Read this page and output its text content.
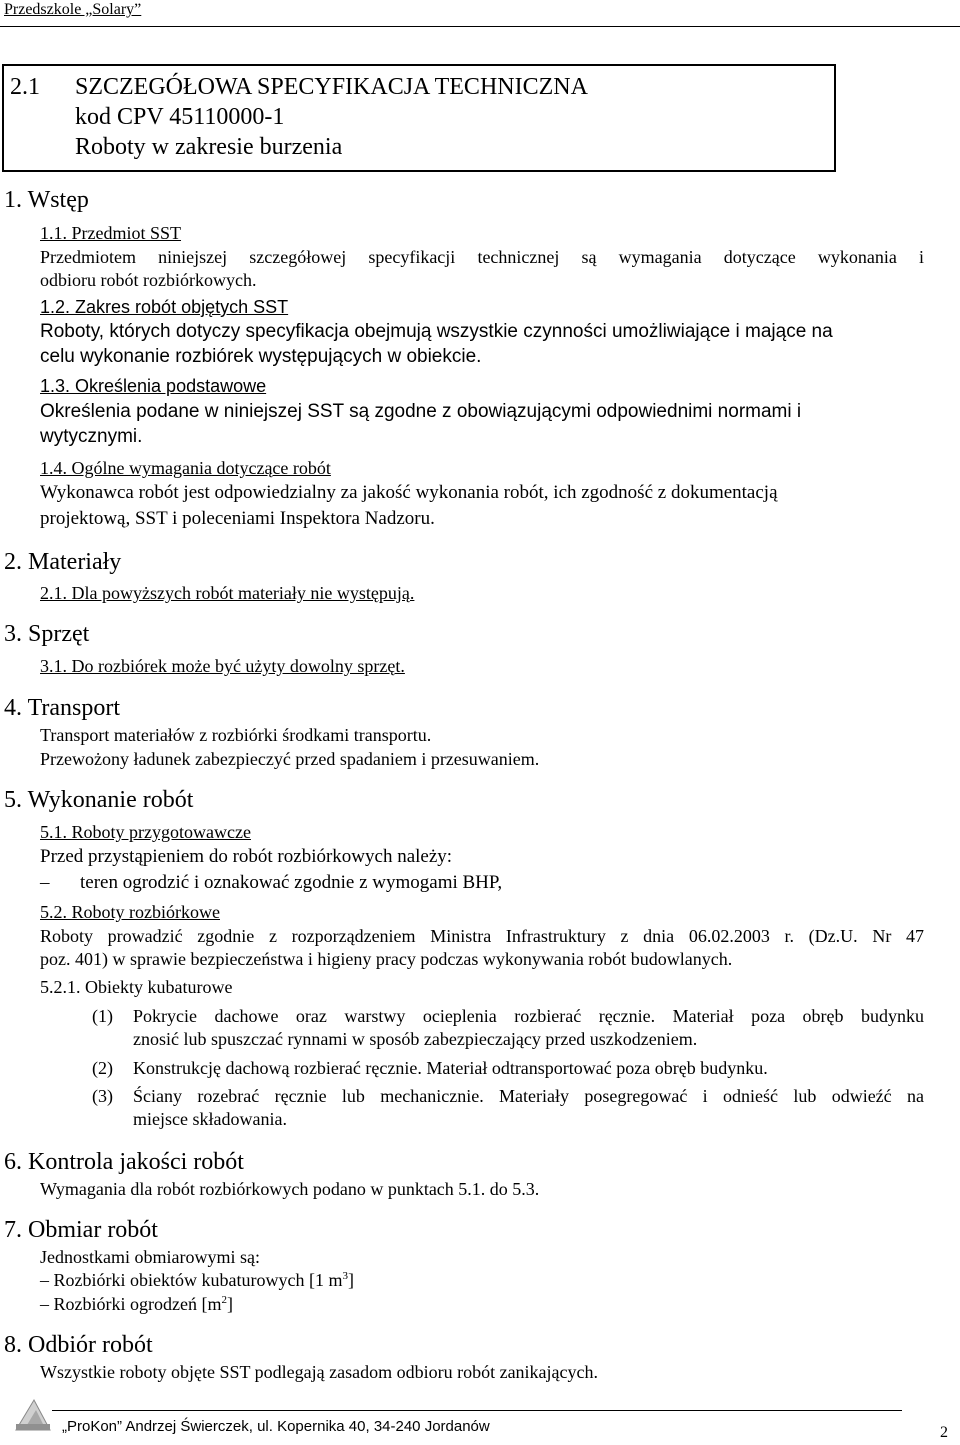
Przedszkole „Solary”
2.1 SZCZEGÓŁOWA SPECYFIKACJA TECHNICZNA
kod CPV 45110000-1
Roboty w zakresie burzenia
1. Wstęp
1.1. Przedmiot SST
Przedmiotem niniejszej szczegółowej specyfikacji technicznej są wymagania dotyczące wykonania i
odbioru robót rozbiórkowych.
1.2. Zakres robót objętych SST
Roboty, których dotyczy specyfikacja obejmują wszystkie czynności umożliwiające i mające na
celu wykonanie rozbiórek występujących w obiekcie.
1.3. Określenia podstawowe
Określenia podane w niniejszej SST są zgodne z obowiązującymi odpowiednimi normami i
wytycznymi.
1.4. Ogólne wymagania dotyczące robót
Wykonawca robót jest odpowiedzialny za jakość wykonania robót, ich zgodność z dokumentacją
projektową, SST i poleceniami Inspektora Nadzoru.
2. Materiały
2.1. Dla powyższych robót materiały nie występują.
3. Sprzęt
3.1. Do rozbiórek może być użyty dowolny sprzęt.
4. Transport
Transport materiałów z rozbiórki środkami transportu.
Przewożony ładunek zabezpieczyć przed spadaniem i przesuwaniem.
5. Wykonanie robót
5.1. Roboty przygotowawcze
Przed przystąpieniem do robót rozbiórkowych należy:
– teren ogrodzić i oznakować zgodnie z wymogami BHP,
5.2. Roboty rozbiórkowe
Roboty prowadzić zgodnie z rozporządzeniem Ministra Infrastruktury z dnia 06.02.2003 r. (Dz.U. Nr 47
poz. 401) w sprawie bezpieczeństwa i higieny pracy podczas wykonywania robót budowlanych.
5.2.1. Obiekty kubaturowe
(1) Pokrycie dachowe oraz warstwy ocieplenia rozbierać ręcznie. Materiał poza obręb budynku
znosić lub spuszczać rynnami w sposób zabezpieczający przed uszkodzeniem.
(2) Konstrukcję dachową rozbierać ręcznie. Materiał odtransportować poza obręb budynku.
(3) Ściany rozebrać ręcznie lub mechanicznie. Materiały posegregować i odnieść lub odwieźć na
miejsce składowania.
6. Kontrola jakości robót
Wymagania dla robót rozbiórkowych podano w punktach 5.1. do 5.3.
7. Obmiar robót
Jednostkami obmiarowymi są:
– Rozbiórki obiektów kubaturowych [1 $m^3$]
– Rozbiórki ogrodzeń $[m^2]$
8. Odbiór robót
Wszystkie roboty objęte SST podlegają zasadom odbioru robót zanikających.
„ProKon” Andrzej Świerczek, ul. Kopernika 40, 34-240 Jordanów	2
